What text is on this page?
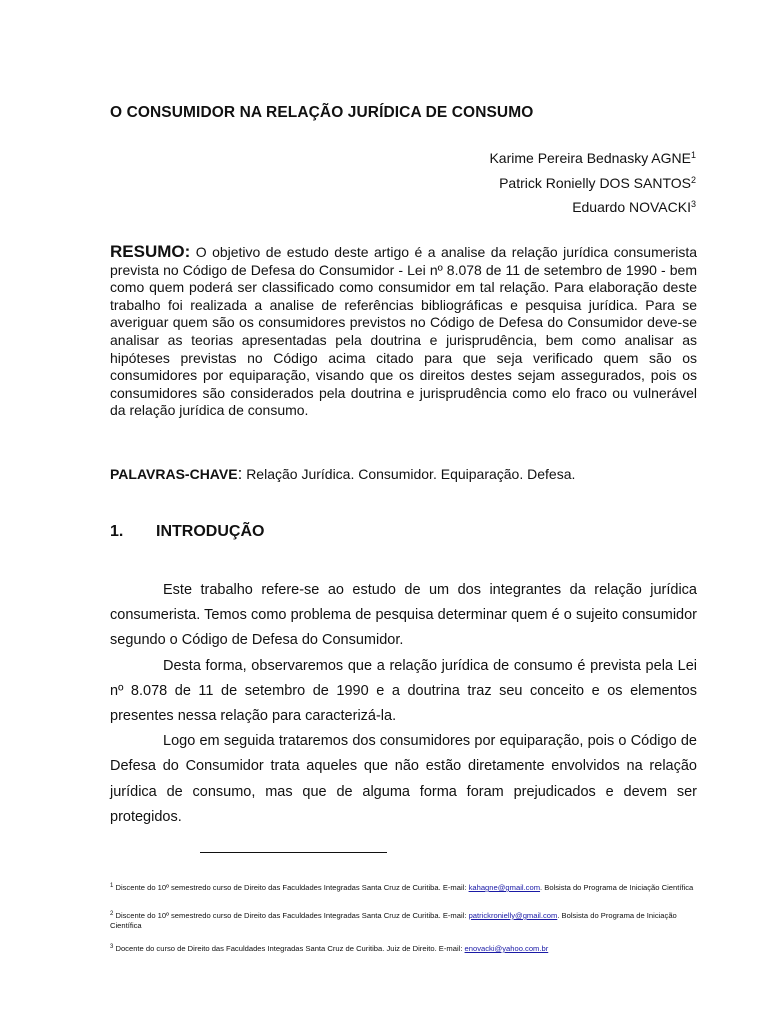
O CONSUMIDOR NA RELAÇÃO JURÍDICA DE CONSUMO
Karime Pereira Bednasky AGNE$^1$
Patrick Ronielly DOS SANTOS$^2$
Eduardo NOVACKI$^3$
RESUMO: O objetivo de estudo deste artigo é a analise da relação jurídica consumerista prevista no Código de Defesa do Consumidor - Lei nº 8.078 de 11 de setembro de 1990 - bem como quem poderá ser classificado como consumidor em tal relação. Para elaboração deste trabalho foi realizada a analise de referências bibliográficas e pesquisa jurídica. Para se averiguar quem são os consumidores previstos no Código de Defesa do Consumidor deve-se analisar as teorias apresentadas pela doutrina e jurisprudência, bem como analisar as hipóteses previstas no Código acima citado para que seja verificado quem são os consumidores por equiparação, visando que os direitos destes sejam assegurados, pois os consumidores são considerados pela doutrina e jurisprudência como elo fraco ou vulnerável da relação jurídica de consumo.
PALAVRAS-CHAVE: Relação Jurídica. Consumidor. Equiparação. Defesa.
1. INTRODUÇÃO

Este trabalho refere-se ao estudo de um dos integrantes da relação jurídica consumerista. Temos como problema de pesquisa determinar quem é o sujeito consumidor segundo o Código de Defesa do Consumidor.

Desta forma, observaremos que a relação jurídica de consumo é prevista pela Lei nº 8.078 de 11 de setembro de 1990 e a doutrina traz seu conceito e os elementos presentes nessa relação para caracterizá-la.

Logo em seguida trataremos dos consumidores por equiparação, pois o Código de Defesa do Consumidor trata aqueles que não estão diretamente envolvidos na relação jurídica de consumo, mas que de alguma forma foram prejudicados e devem ser protegidos.

$^1$ Discente do 10º semestredo curso de Direito das Faculdades Integradas Santa Cruz de Curitiba. E-mail: kahagne@gmail.com. Bolsista do Programa de Iniciação Científica
$^2$ Discente do 10º semestredo curso de Direito das Faculdades Integradas Santa Cruz de Curitiba. E-mail: patrickronielly@gmail.com. Bolsista do Programa de Iniciação Científica
$^3$ Docente do curso de Direito das Faculdades Integradas Santa Cruz de Curitiba. Juiz de Direito. E-mail: enovacki@yahoo.com.br
